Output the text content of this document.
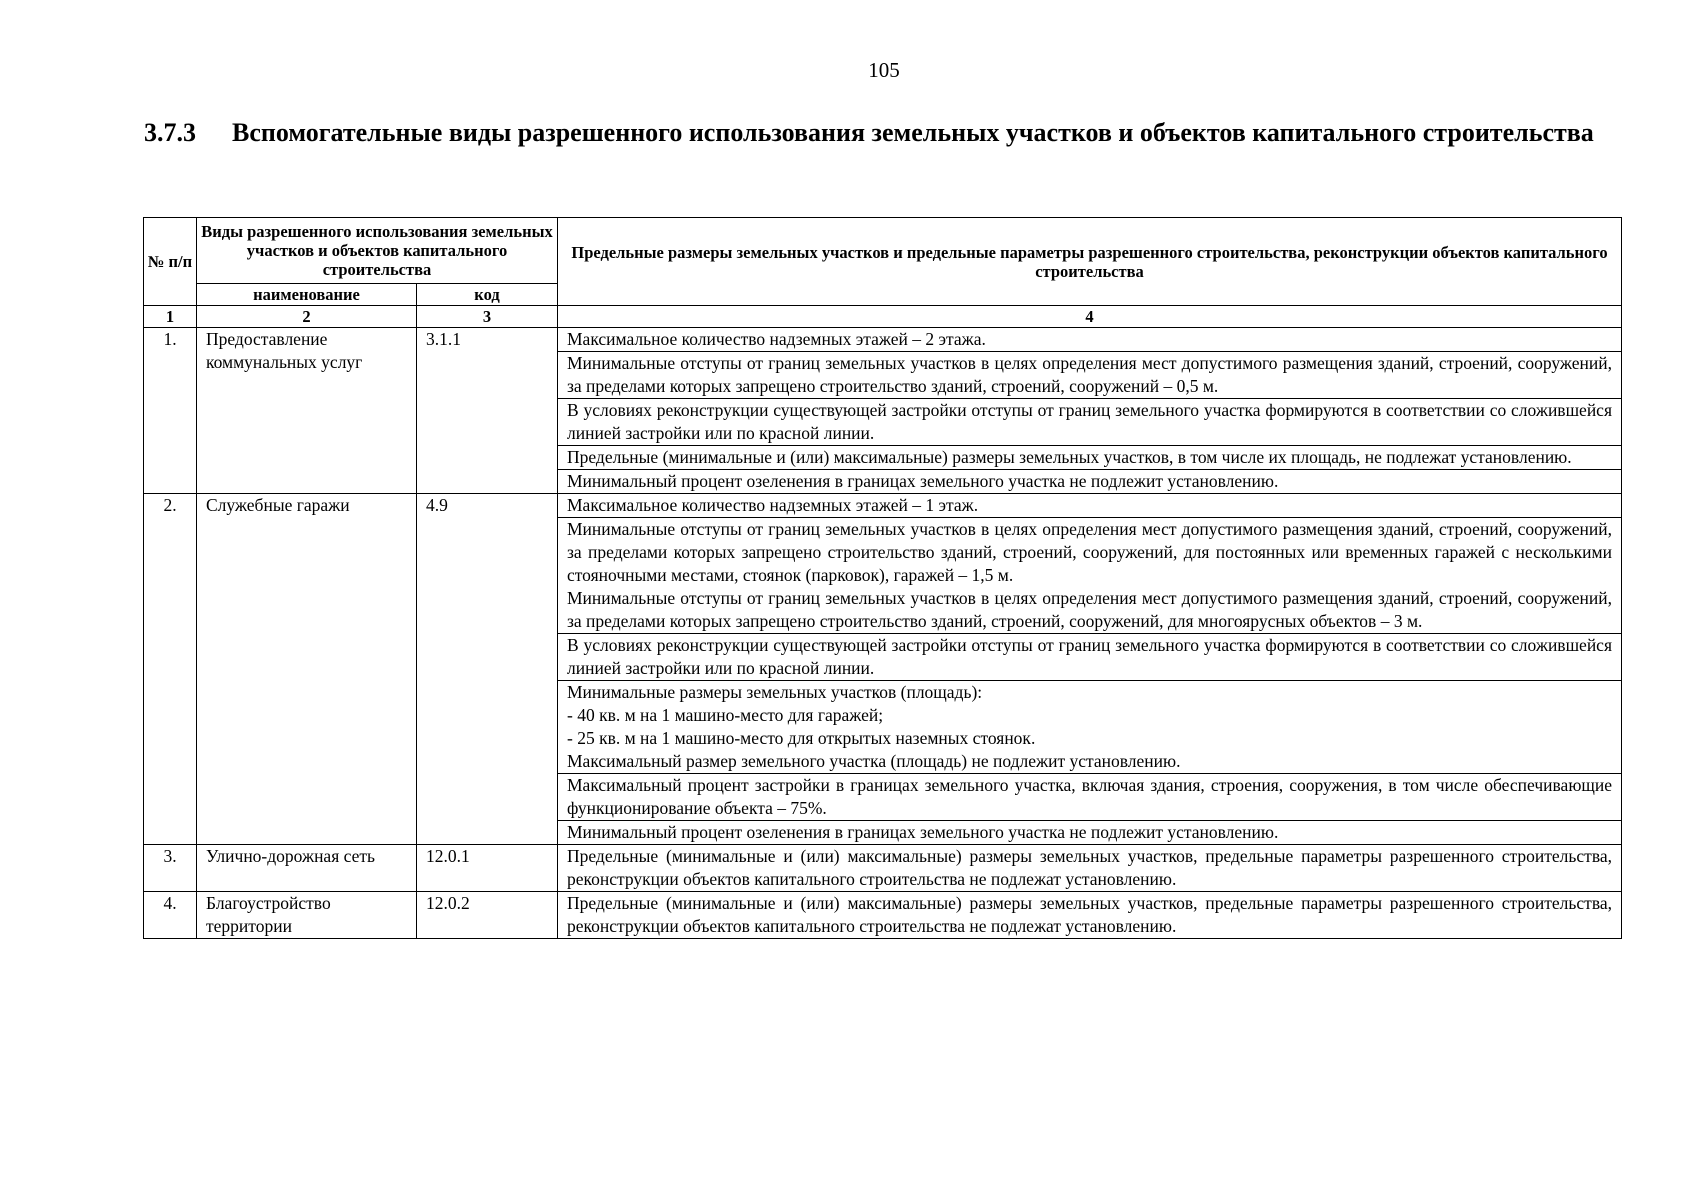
105
3.7.3	Вспомогательные виды разрешенного использования земельных участков и объектов капитального строительства
№ п/п	Виды разрешенного использования земельных участков и объектов капитального строительства		Предельные размеры земельных участков и предельные параметры разрешенного строительства, реконструкции объектов капитального строительства
	наименование	код	
1	2	3	4
1.	Предоставление коммунальных услуг	3.1.1	Максимальное количество надземных этажей – 2 этажа.

			Минимальные отступы от границ земельных участков в целях определения мест допустимого размещения зданий, строений, сооружений, за пределами которых запрещено строительство зданий, строений, сооружений – 0,5 м.

			В условиях реконструкции существующей застройки отступы от границ земельного участка формируются в соответствии со сложившейся линией застройки или по красной линии.

			Предельные (минимальные и (или) максимальные) размеры земельных участков, в том числе их площадь, не подлежат установлению.

			Минимальный процент озеленения в границах земельного участка не подлежит установлению.

2.	Служебные гаражи	4.9	Максимальное количество надземных этажей – 1 этаж.

			Минимальные отступы от границ земельных участков в целях определения мест допустимого размещения зданий, строений, сооружений, за пределами которых запрещено строительство зданий, строений, сооружений, для постоянных или временных гаражей с несколькими стояночными местами, стоянок (парковок), гаражей – 1,5 м.
Минимальные отступы от границ земельных участков в целях определения мест допустимого размещения зданий, строений, сооружений, за пределами которых запрещено строительство зданий, строений, сооружений, для многоярусных объектов – 3 м.

			В условиях реконструкции существующей застройки отступы от границ земельного участка формируются в соответствии со сложившейся линией застройки или по красной линии.

			Минимальные размеры земельных участков (площадь):
- 40 кв. м на 1 машино-место для гаражей;
- 25 кв. м на 1 машино-место для открытых наземных стоянок.
Максимальный размер земельного участка (площадь) не подлежит установлению.

			Максимальный процент застройки в границах земельного участка, включая здания, строения, сооружения, в том числе обеспечивающие функционирование объекта – 75%.

			Минимальный процент озеленения в границах земельного участка не подлежит установлению.

3.	Улично-дорожная сеть	12.0.1	Предельные (минимальные и (или) максимальные) размеры земельных участков, предельные параметры разрешенного строительства, реконструкции объектов капитального строительства не подлежат установлению.

4.	Благоустройство территории	12.0.2	Предельные (минимальные и (или) максимальные) размеры земельных участков, предельные параметры разрешенного строительства, реконструкции объектов капитального строительства не подлежат установлению.
